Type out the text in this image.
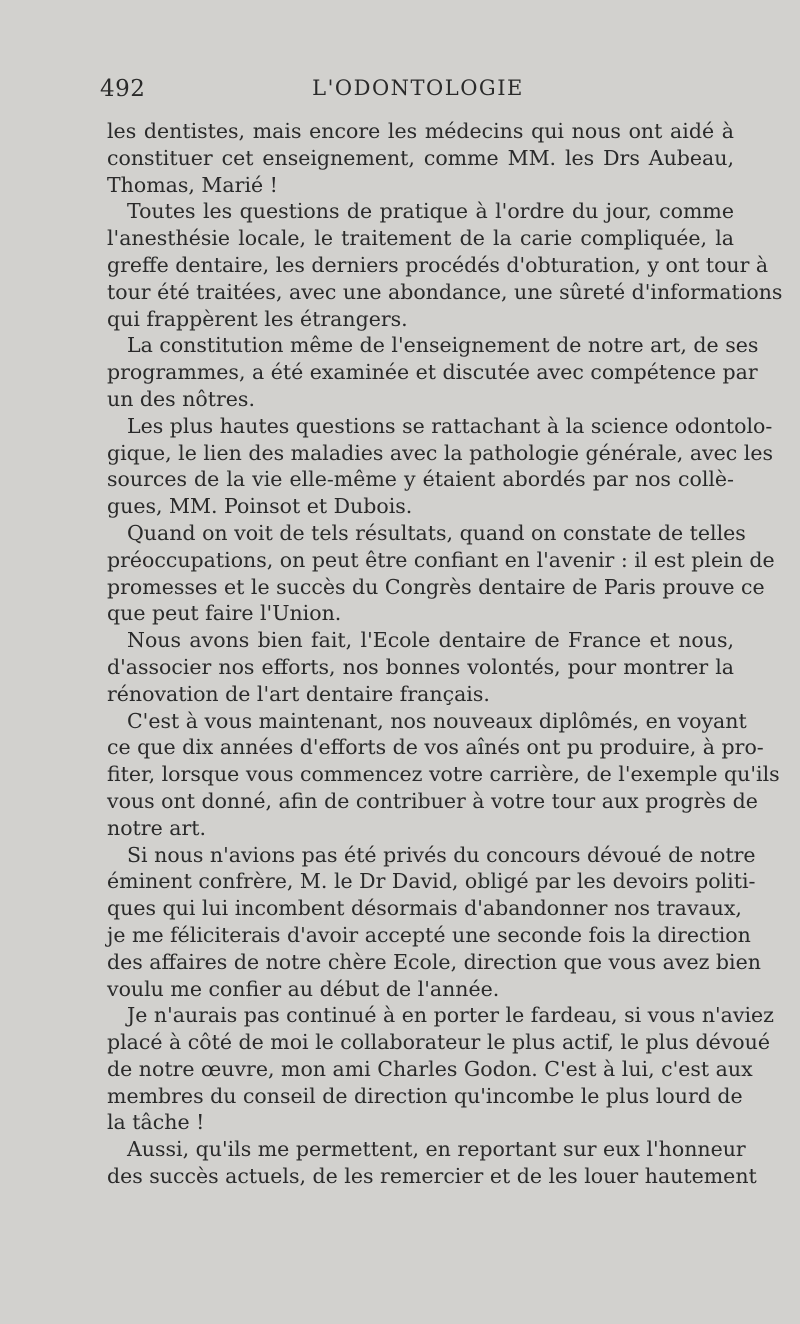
492	L'ODONTOLOGIE
les dentistes, mais encore les médecins qui nous ont aidé à
constituer cet enseignement, comme MM. les Drs Aubeau,
Thomas, Marié !
Toutes les questions de pratique à l'ordre du jour, comme
l'anesthésie locale, le traitement de la carie compliquée, la
greffe dentaire, les derniers procédés d'obturation, y ont tour à
tour été traitées, avec une abondance, une sûreté d'informations
qui frappèrent les étrangers.
La constitution même de l'enseignement de notre art, de ses
programmes, a été examinée et discutée avec compétence par
un des nôtres.
Les plus hautes questions se rattachant à la science odontolo-
gique, le lien des maladies avec la pathologie générale, avec les
sources de la vie elle-même y étaient abordés par nos collè-
gues, MM. Poinsot et Dubois.
Quand on voit de tels résultats, quand on constate de telles
préoccupations, on peut être confiant en l'avenir : il est plein de
promesses et le succès du Congrès dentaire de Paris prouve ce
que peut faire l'Union.
Nous avons bien fait, l'Ecole dentaire de France et nous,
d'associer nos efforts, nos bonnes volontés, pour montrer la
rénovation de l'art dentaire français.
C'est à vous maintenant, nos nouveaux diplômés, en voyant
ce que dix années d'efforts de vos aînés ont pu produire, à pro-
fiter, lorsque vous commencez votre carrière, de l'exemple qu'ils
vous ont donné, afin de contribuer à votre tour aux progrès de
notre art.
Si nous n'avions pas été privés du concours dévoué de notre
éminent confrère, M. le Dr David, obligé par les devoirs politi-
ques qui lui incombent désormais d'abandonner nos travaux,
je me féliciterais d'avoir accepté une seconde fois la direction
des affaires de notre chère Ecole, direction que vous avez bien
voulu me confier au début de l'année.
Je n'aurais pas continué à en porter le fardeau, si vous n'aviez
placé à côté de moi le collaborateur le plus actif, le plus dévoué
de notre œuvre, mon ami Charles Godon. C'est à lui, c'est aux
membres du conseil de direction qu'incombe le plus lourd de
la tâche !
Aussi, qu'ils me permettent, en reportant sur eux l'honneur
des succès actuels, de les remercier et de les louer hautement
